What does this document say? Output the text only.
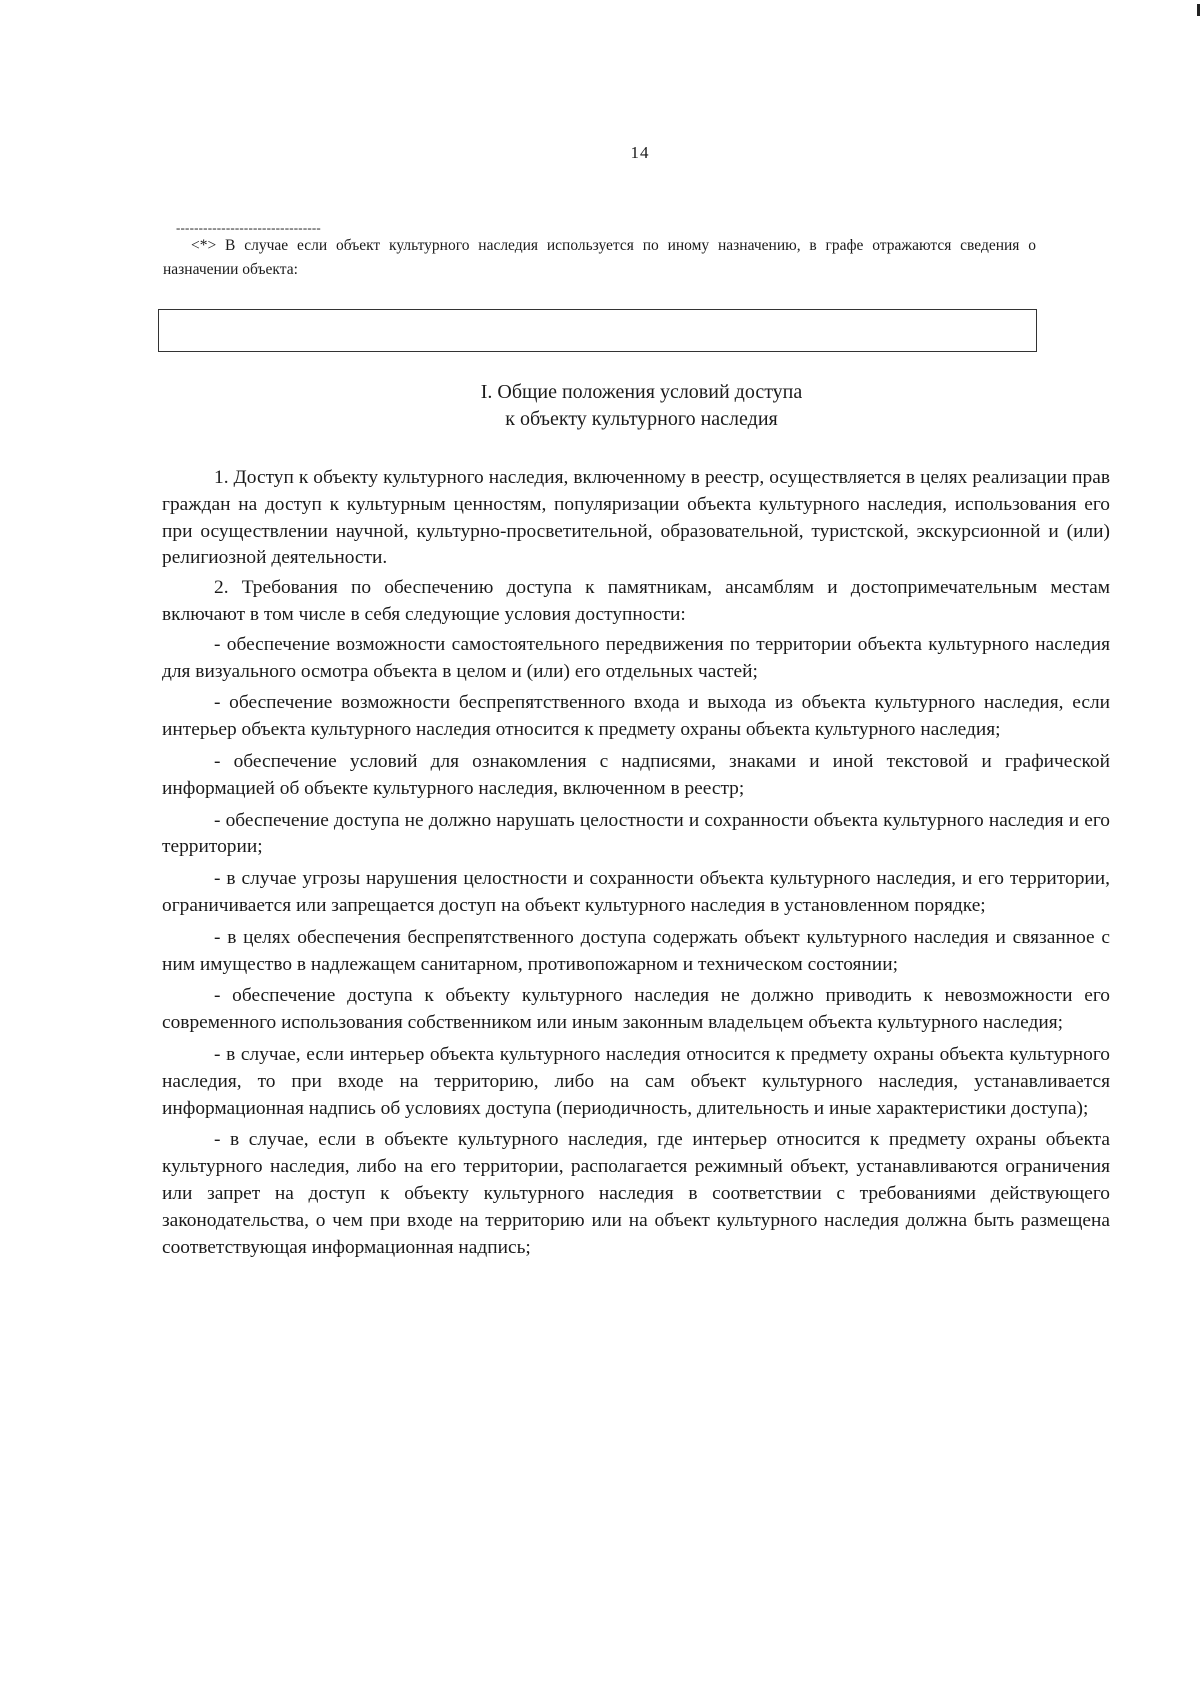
14
--------------------------------

<*> В случае если объект культурного наследия используется по иному назначению, в графе отражаются сведения о назначении объекта:

I. Общие положения условий доступа
к объекту культурного наследия

1. Доступ к объекту культурного наследия, включенному в реестр, осуществляется в целях реализации прав граждан на доступ к культурным ценностям, популяризации объекта культурного наследия, использования его при осуществлении научной, культурно-просветительной, образовательной, туристской, экскурсионной и (или) религиозной деятельности.

2. Требования по обеспечению доступа к памятникам, ансамблям и достопримечательным местам включают в том числе в себя следующие условия доступности:

- обеспечение возможности самостоятельного передвижения по территории объекта культурного наследия для визуального осмотра объекта в целом и (или) его отдельных частей;

- обеспечение возможности беспрепятственного входа и выхода из объекта культурного наследия, если интерьер объекта культурного наследия относится к предмету охраны объекта культурного наследия;

- обеспечение условий для ознакомления с надписями, знаками и иной текстовой и графической информацией об объекте культурного наследия, включенном в реестр;

- обеспечение доступа не должно нарушать целостности и сохранности объекта культурного наследия и его территории;

- в случае угрозы нарушения целостности и сохранности объекта культурного наследия, и его территории, ограничивается или запрещается доступ на объект культурного наследия в установленном порядке;

- в целях обеспечения беспрепятственного доступа содержать объект культурного наследия и связанное с ним имущество в надлежащем санитарном, противопожарном и техническом состоянии;

- обеспечение доступа к объекту культурного наследия не должно приводить к невозможности его современного использования собственником или иным законным владельцем объекта культурного наследия;

- в случае, если интерьер объекта культурного наследия относится к предмету охраны объекта культурного наследия, то при входе на территорию, либо на сам объект культурного наследия, устанавливается информационная надпись об условиях доступа (периодичность, длительность и иные характеристики доступа);

- в случае, если в объекте культурного наследия, где интерьер относится к предмету охраны объекта культурного наследия, либо на его территории, располагается режимный объект, устанавливаются ограничения или запрет на доступ к объекту культурного наследия в соответствии с требованиями действующего законодательства, о чем при входе на территорию или на объект культурного наследия должна быть размещена соответствующая информационная надпись;
